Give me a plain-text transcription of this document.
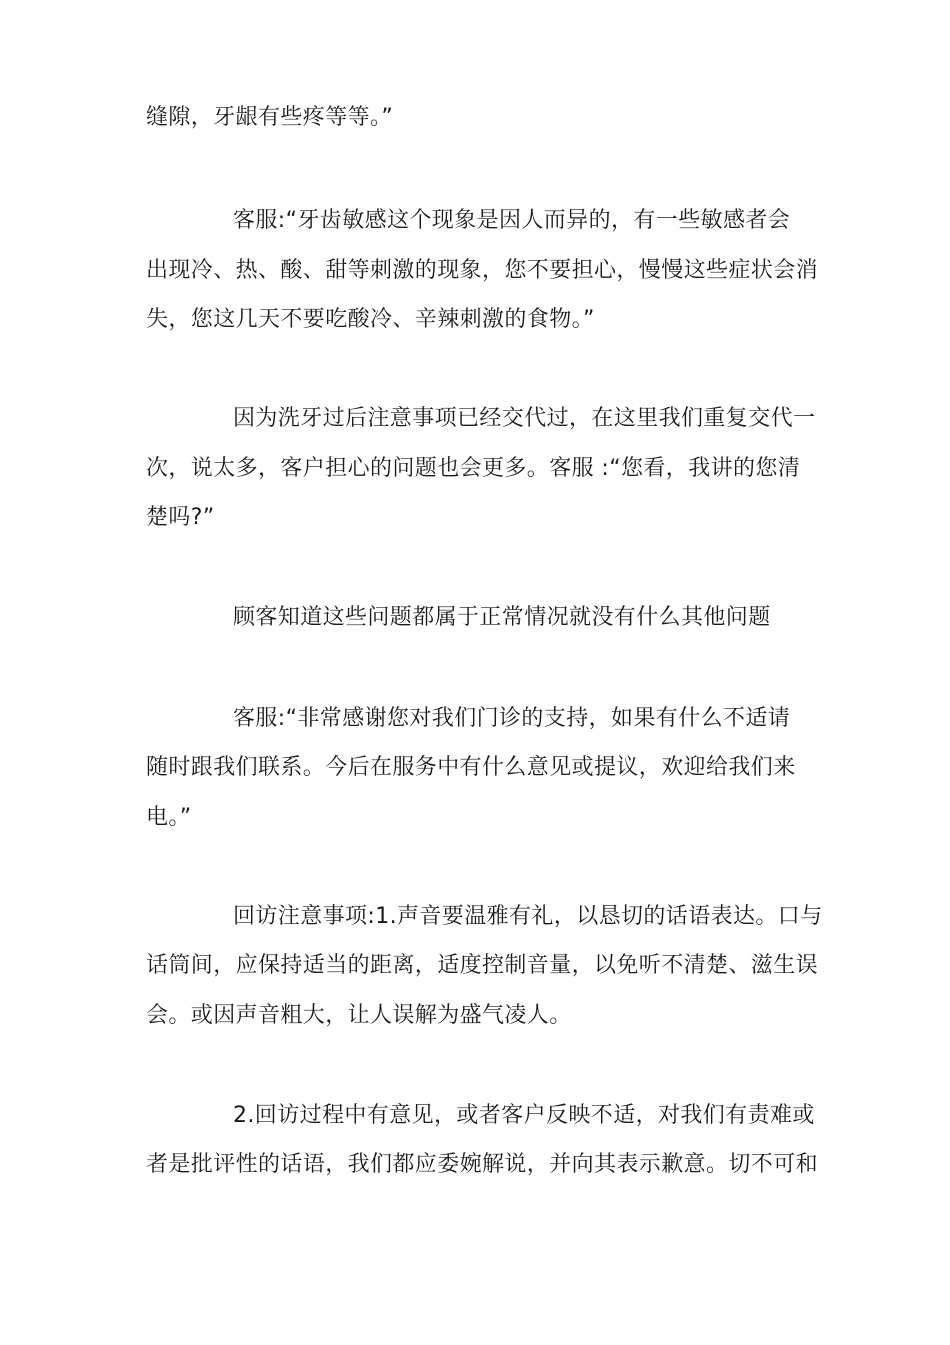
缝隙，牙龈有些疼等等。”
客服:“牙齿敏感这个现象是因人而异的，有一些敏感者会
出现冷、热、酸、甜等刺激的现象，您不要担心，慢慢这些症状会消
失，您这几天不要吃酸冷、辛辣刺激的食物。”
因为洗牙过后注意事项已经交代过，在这里我们重复交代一
次，说太多，客户担心的问题也会更多。客服 :“您看，我讲的您清
楚吗?”
顾客知道这些问题都属于正常情况就没有什么其他问题
客服:“非常感谢您对我们门诊的支持，如果有什么不适请
随时跟我们联系。今后在服务中有什么意见或提议，欢迎给我们来
电。”
回访注意事项:1.声音要温雅有礼，以恳切的话语表达。口与
话筒间，应保持适当的距离，适度控制音量，以免听不清楚、滋生误
会。或因声音粗大，让人误解为盛气凌人。
2.回访过程中有意见，或者客户反映不适，对我们有责难或
者是批评性的话语，我们都应委婉解说，并向其表示歉意。切不可和
